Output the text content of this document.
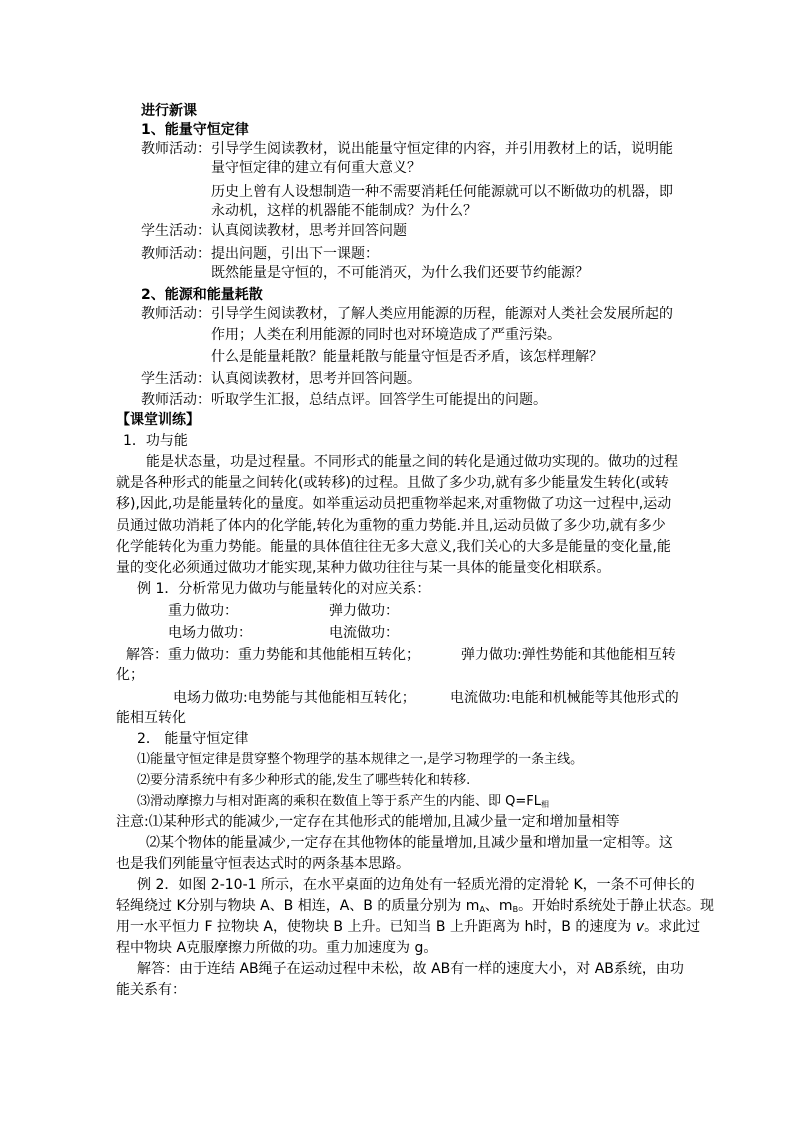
进行新课
1、能量守恒定律
教师活动：引导学生阅读教材，说出能量守恒定律的内容，并引用教材上的话，说明能
量守恒定律的建立有何重大意义？
历史上曾有人设想制造一种不需要消耗任何能源就可以不断做功的机器，即
永动机，这样的机器能不能制成？为什么？
学生活动：认真阅读教材，思考并回答问题
教师活动：提出问题，引出下一课题：
既然能量是守恒的，不可能消灭，为什么我们还要节约能源？
2、能源和能量耗散
教师活动：引导学生阅读教材，了解人类应用能源的历程，能源对人类社会发展所起的
作用；人类在利用能源的同时也对环境造成了严重污染。
什么是能量耗散？能量耗散与能量守恒是否矛盾，该怎样理解？
学生活动：认真阅读教材，思考并回答问题。
教师活动：听取学生汇报，总结点评。回答学生可能提出的问题。
【课堂训练】
1．功与能
能是状态量，功是过程量。不同形式的能量之间的转化是通过做功实现的。做功的过程
就是各种形式的能量之间转化(或转移)的过程。且做了多少功,就有多少能量发生转化(或转
移),因此,功是能量转化的量度。如举重运动员把重物举起来,对重物做了功这一过程中,运动
员通过做功消耗了体内的化学能,转化为重物的重力势能.并且,运动员做了多少功,就有多少
化学能转化为重力势能。能量的具体值往往无多大意义,我们关心的大多是能量的变化量,能
量的变化必须通过做功才能实现,某种力做功往往与某一具体的能量变化相联系。
例 1．分析常见力做功与能量转化的对应关系：
重力做功：	弹力做功：
电场力做功：	电流做功：
解答：重力做功：重力势能和其他能相互转化；	弹力做功:弹性势能和其他能相互转
化；
电场力做功:电势能与其他能相互转化； 电流做功:电能和机械能等其他形式的
能相互转化
2． 能量守恒定律
⑴能量守恒定律是贯穿整个物理学的基本规律之一,是学习物理学的一条主线。
⑵要分清系统中有多少种形式的能,发生了哪些转化和转移.
⑶滑动摩擦力与相对距离的乘积在数值上等于系产生的内能、即 $Q=FL_相$
注意:⑴某种形式的能减少,一定存在其他形式的能增加,且减少量一定和增加量相等
⑵某个物体的能量减少,一定存在其他物体的能量增加,且减少量和增加量一定相等。这
也是我们列能量守恒表达式时的两条基本思路。
例 2．如图 2-10-1 所示，在水平桌面的边角处有一轻质光滑的定滑轮 K，一条不可伸长的
轻绳绕过 K分别与物块 A、B 相连，A、B 的质量分别为 $m_A$、$m_B$。开始时系统处于静止状态。现
用一水平恒力 F 拉物块 A，使物块 B 上升。已知当 B 上升距离为 h时，B 的速度为 v。求此过
程中物块 A克服摩擦力所做的功。重力加速度为 g。
解答：由于连结 AB绳子在运动过程中未松，故 AB有一样的速度大小，对 AB系统，由功
能关系有：
